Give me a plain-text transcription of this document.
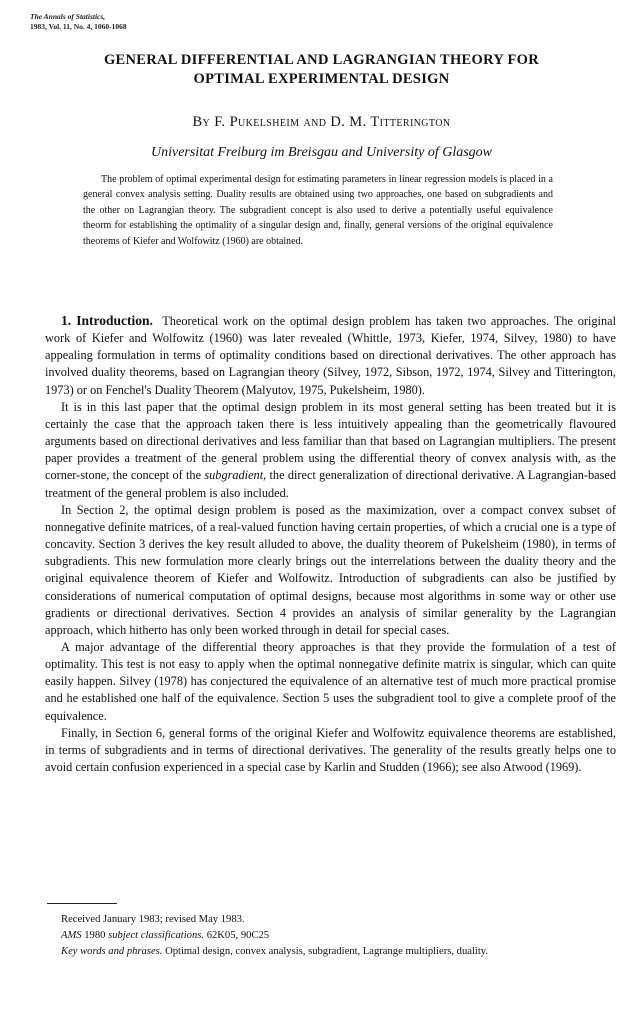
The Annals of Statistics,
1983, Vol. 11, No. 4, 1060-1068
GENERAL DIFFERENTIAL AND LAGRANGIAN THEORY FOR
OPTIMAL EXPERIMENTAL DESIGN
By F. Pukelsheim and D. M. Titterington
Universitat Freiburg im Breisgau and University of Glasgow

The problem of optimal experimental design for estimating parameters in linear regression models is placed in a general convex analysis setting. Duality results are obtained using two approaches, one based on subgradients and the other on Lagrangian theory. The subgradient concept is also used to derive a potentially useful equivalence theorm for establishing the optimality of a singular design and, finally, general versions of the original equivalence theorems of Kiefer and Wolfowitz (1960) are obtained.

1. Introduction. Theoretical work on the optimal design problem has taken two approaches. The original work of Kiefer and Wolfowitz (1960) was later revealed (Whittle, 1973, Kiefer, 1974, Silvey, 1980) to have appealing formulation in terms of optimality conditions based on directional derivatives. The other approach has involved duality theorems, based on Lagrangian theory (Silvey, 1972, Sibson, 1972, 1974, Silvey and Titterington, 1973) or on Fenchel's Duality Theorem (Malyutov, 1975, Pukelsheim, 1980).

It is in this last paper that the optimal design problem in its most general setting has been treated but it is certainly the case that the approach taken there is less intuitively appealing than the geometrically flavoured arguments based on directional derivatives and less familiar than that based on Lagrangian multipliers. The present paper provides a treatment of the general problem using the differential theory of convex analysis with, as the corner-stone, the concept of the subgradient, the direct generalization of directional derivative. A Lagrangian-based treatment of the general problem is also included.

In Section 2, the optimal design problem is posed as the maximization, over a compact convex subset of nonnegative definite matrices, of a real-valued function having certain properties, of which a crucial one is a type of concavity. Section 3 derives the key result alluded to above, the duality theorem of Pukelsheim (1980), in terms of subgradients. This new formulation more clearly brings out the interrelations between the duality theory and the original equivalence theorem of Kiefer and Wolfowitz. Introduction of subgradients can also be justified by considerations of numerical computation of optimal designs, because most algorithms in some way or other use gradients or directional derivatives. Section 4 provides an analysis of similar generality by the Lagrangian approach, which hitherto has only been worked through in detail for special cases.

A major advantage of the differential theory approaches is that they provide the formulation of a test of optimality. This test is not easy to apply when the optimal nonnegative definite matrix is singular, which can quite easily happen. Silvey (1978) has conjectured the equivalence of an alternative test of much more practical promise and he established one half of the equivalence. Section 5 uses the subgradient tool to give a complete proof of the equivalence.

Finally, in Section 6, general forms of the original Kiefer and Wolfowitz equivalence theorems are established, in terms of subgradients and in terms of directional derivatives. The generality of the results greatly helps one to avoid certain confusion experienced in a special case by Karlin and Studden (1966); see also Atwood (1969).

Received January 1983; revised May 1983.

AMS 1980 subject classifications. 62K05, 90C25

Key words and phrases. Optimal design, convex analysis, subgradient, Lagrange multipliers, duality.
